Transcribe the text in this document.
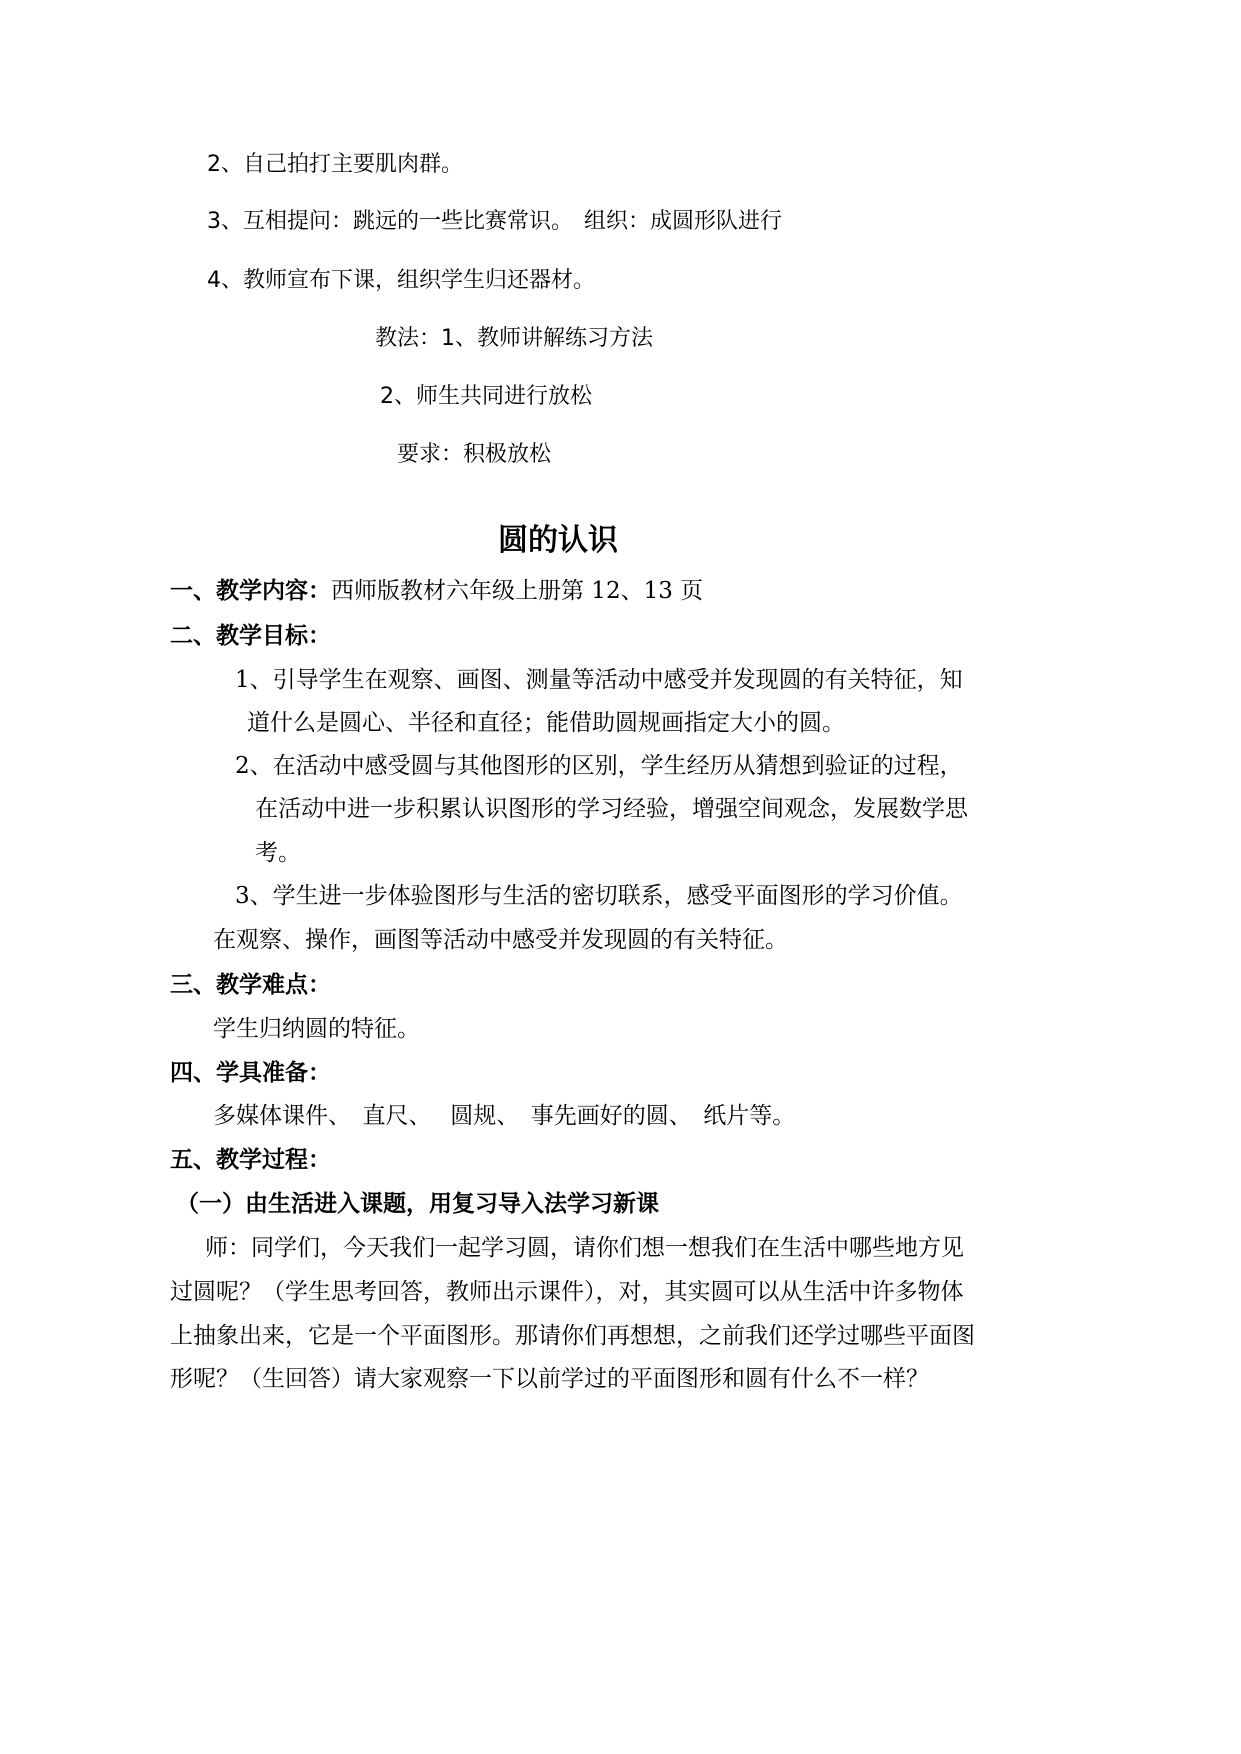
2、自己拍打主要肌肉群。
3、互相提问：跳远的一些比赛常识。　组织：成圆形队进行
4、教师宣布下课，组织学生归还器材。
教法：1、教师讲解练习方法
2、师生共同进行放松
要求：积极放松
圆的认识
一、教学内容：西师版教材六年级上册第 12、13 页
二、教学目标：
1、引导学生在观察、画图、测量等活动中感受并发现圆的有关特征，知
道什么是圆心、半径和直径；能借助圆规画指定大小的圆。
2、在活动中感受圆与其他图形的区别，学生经历从猜想到验证的过程，
在活动中进一步积累认识图形的学习经验，增强空间观念，发展数学思
考。
3、学生进一步体验图形与生活的密切联系，感受平面图形的学习价值。
在观察、操作，画图等活动中感受并发现圆的有关特征。
三、教学难点：
学生归纳圆的特征。
四、学具准备：
多媒体课件、　直尺、　 圆规、　事先画好的圆、　纸片等。
五、教学过程：
（一）由生活进入课题，用复习导入法学习新课
师：同学们，今天我们一起学习圆，请你们想一想我们在生活中哪些地方见
过圆呢？（学生思考回答，教师出示课件），对，其实圆可以从生活中许多物体
上抽象出来，它是一个平面图形。那请你们再想想，之前我们还学过哪些平面图
形呢？（生回答）请大家观察一下以前学过的平面图形和圆有什么不一样？
